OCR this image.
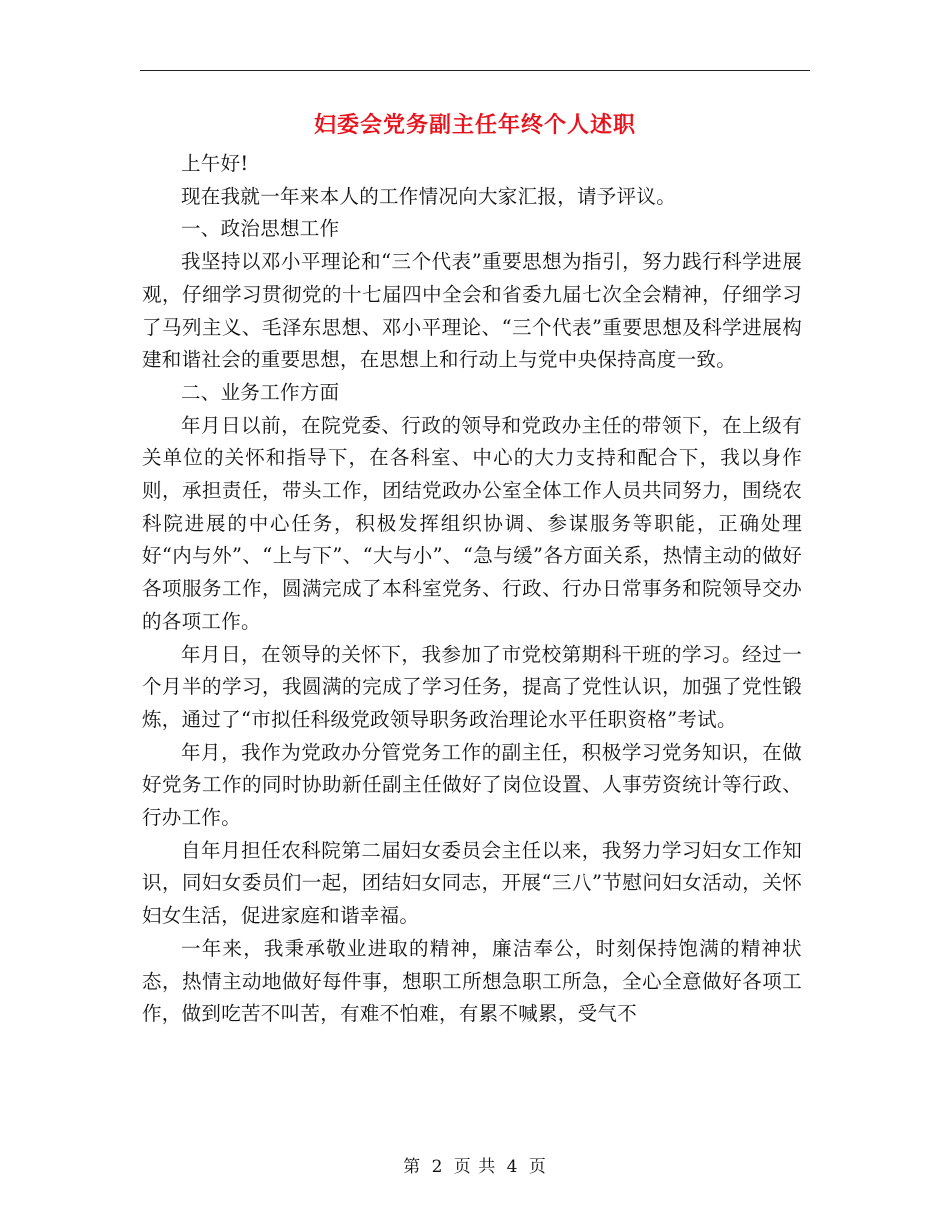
妇委会党务副主任年终个人述职

上午好!

现在我就一年来本人的工作情况向大家汇报，请予评议。

一、政治思想工作

我坚持以邓小平理论和“三个代表”重要思想为指引，努力践行科学进展观，仔细学习贯彻党的十七届四中全会和省委九届七次全会精神，仔细学习了马列主义、毛泽东思想、邓小平理论、“三个代表”重要思想及科学进展构建和谐社会的重要思想，在思想上和行动上与党中央保持高度一致。

二、业务工作方面

年月日以前，在院党委、行政的领导和党政办主任的带领下，在上级有关单位的关怀和指导下，在各科室、中心的大力支持和配合下，我以身作则，承担责任，带头工作，团结党政办公室全体工作人员共同努力，围绕农科院进展的中心任务，积极发挥组织协调、参谋服务等职能，正确处理好“内与外”、“上与下”、“大与小”、“急与缓”各方面关系，热情主动的做好各项服务工作，圆满完成了本科室党务、行政、行办日常事务和院领导交办的各项工作。

年月日，在领导的关怀下，我参加了市党校第期科干班的学习。经过一个月半的学习，我圆满的完成了学习任务，提高了党性认识，加强了党性锻炼，通过了“市拟任科级党政领导职务政治理论水平任职资格”考试。

年月，我作为党政办分管党务工作的副主任，积极学习党务知识，在做好党务工作的同时协助新任副主任做好了岗位设置、人事劳资统计等行政、行办工作。

自年月担任农科院第二届妇女委员会主任以来，我努力学习妇女工作知识，同妇女委员们一起，团结妇女同志，开展“三八”节慰问妇女活动，关怀妇女生活，促进家庭和谐幸福。

一年来，我秉承敬业进取的精神，廉洁奉公，时刻保持饱满的精神状态，热情主动地做好每件事，想职工所想急职工所急，全心全意做好各项工作，做到吃苦不叫苦，有难不怕难，有累不喊累，受气不

第 2 页 共 4 页
